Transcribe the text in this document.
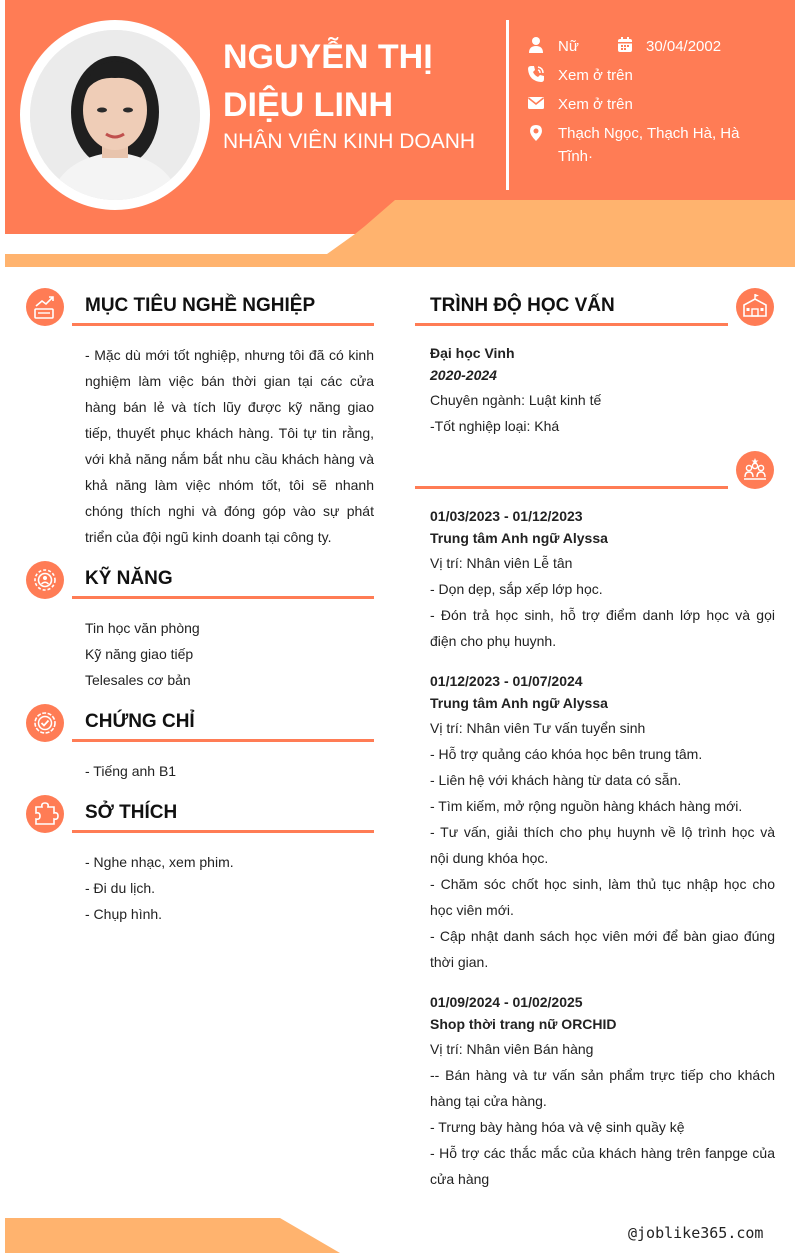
NGUYỄN THỊ
DIỆU LINH
NHÂN VIÊN KINH DOANH
Nữ	30/04/2002
Xem ở trên
Xem ở trên
Thạch Ngọc, Thạch Hà, Hà
Tĩnh·
MỤC TIÊU NGHỀ NGHIỆP
- Mặc dù mới tốt nghiệp, nhưng tôi đã có kinh nghiệm làm việc bán thời gian tại các cửa hàng bán lẻ và tích lũy được kỹ năng giao tiếp, thuyết phục khách hàng. Tôi tự tin rằng, với khả năng nắm bắt nhu cầu khách hàng và khả năng làm việc nhóm tốt, tôi sẽ nhanh chóng thích nghi và đóng góp vào sự phát triển của đội ngũ kinh doanh tại công ty.
KỸ NĂNG
Tin học văn phòng
Kỹ năng giao tiếp
Telesales cơ bản
CHỨNG CHỈ
- Tiếng anh B1
SỞ THÍCH
- Nghe nhạc, xem phim.
- Đi du lịch.
- Chụp hình.
TRÌNH ĐỘ HỌC VẤN
Đại học Vinh
2020-2024
Chuyên ngành: Luật kinh tế
-Tốt nghiệp loại: Khá
01/03/2023 - 01/12/2023
Trung tâm Anh ngữ Alyssa
Vị trí: Nhân viên Lễ tân
- Dọn dẹp, sắp xếp lớp học.
- Đón trả học sinh, hỗ trợ điểm danh lớp học và gọi điện cho phụ huynh.
01/12/2023 - 01/07/2024
Trung tâm Anh ngữ Alyssa
Vị trí: Nhân viên Tư vấn tuyển sinh
- Hỗ trợ quảng cáo khóa học bên trung tâm.
- Liên hệ với khách hàng từ data có sẵn.
- Tìm kiếm, mở rộng nguồn hàng khách hàng mới.
- Tư vấn, giải thích cho phụ huynh về lộ trình học và nội dung khóa học.
- Chăm sóc chốt học sinh, làm thủ tục nhập học cho học viên mới.
- Cập nhật danh sách học viên mới để bàn giao đúng thời gian.
01/09/2024 - 01/02/2025
Shop thời trang nữ ORCHID
Vị trí: Nhân viên Bán hàng
-- Bán hàng và tư vấn sản phẩm trực tiếp cho khách hàng tại cửa hàng.
- Trưng bày hàng hóa và vệ sinh quầy kệ
- Hỗ trợ các thắc mắc của khách hàng trên fanpge của cửa hàng
@joblike365.com
